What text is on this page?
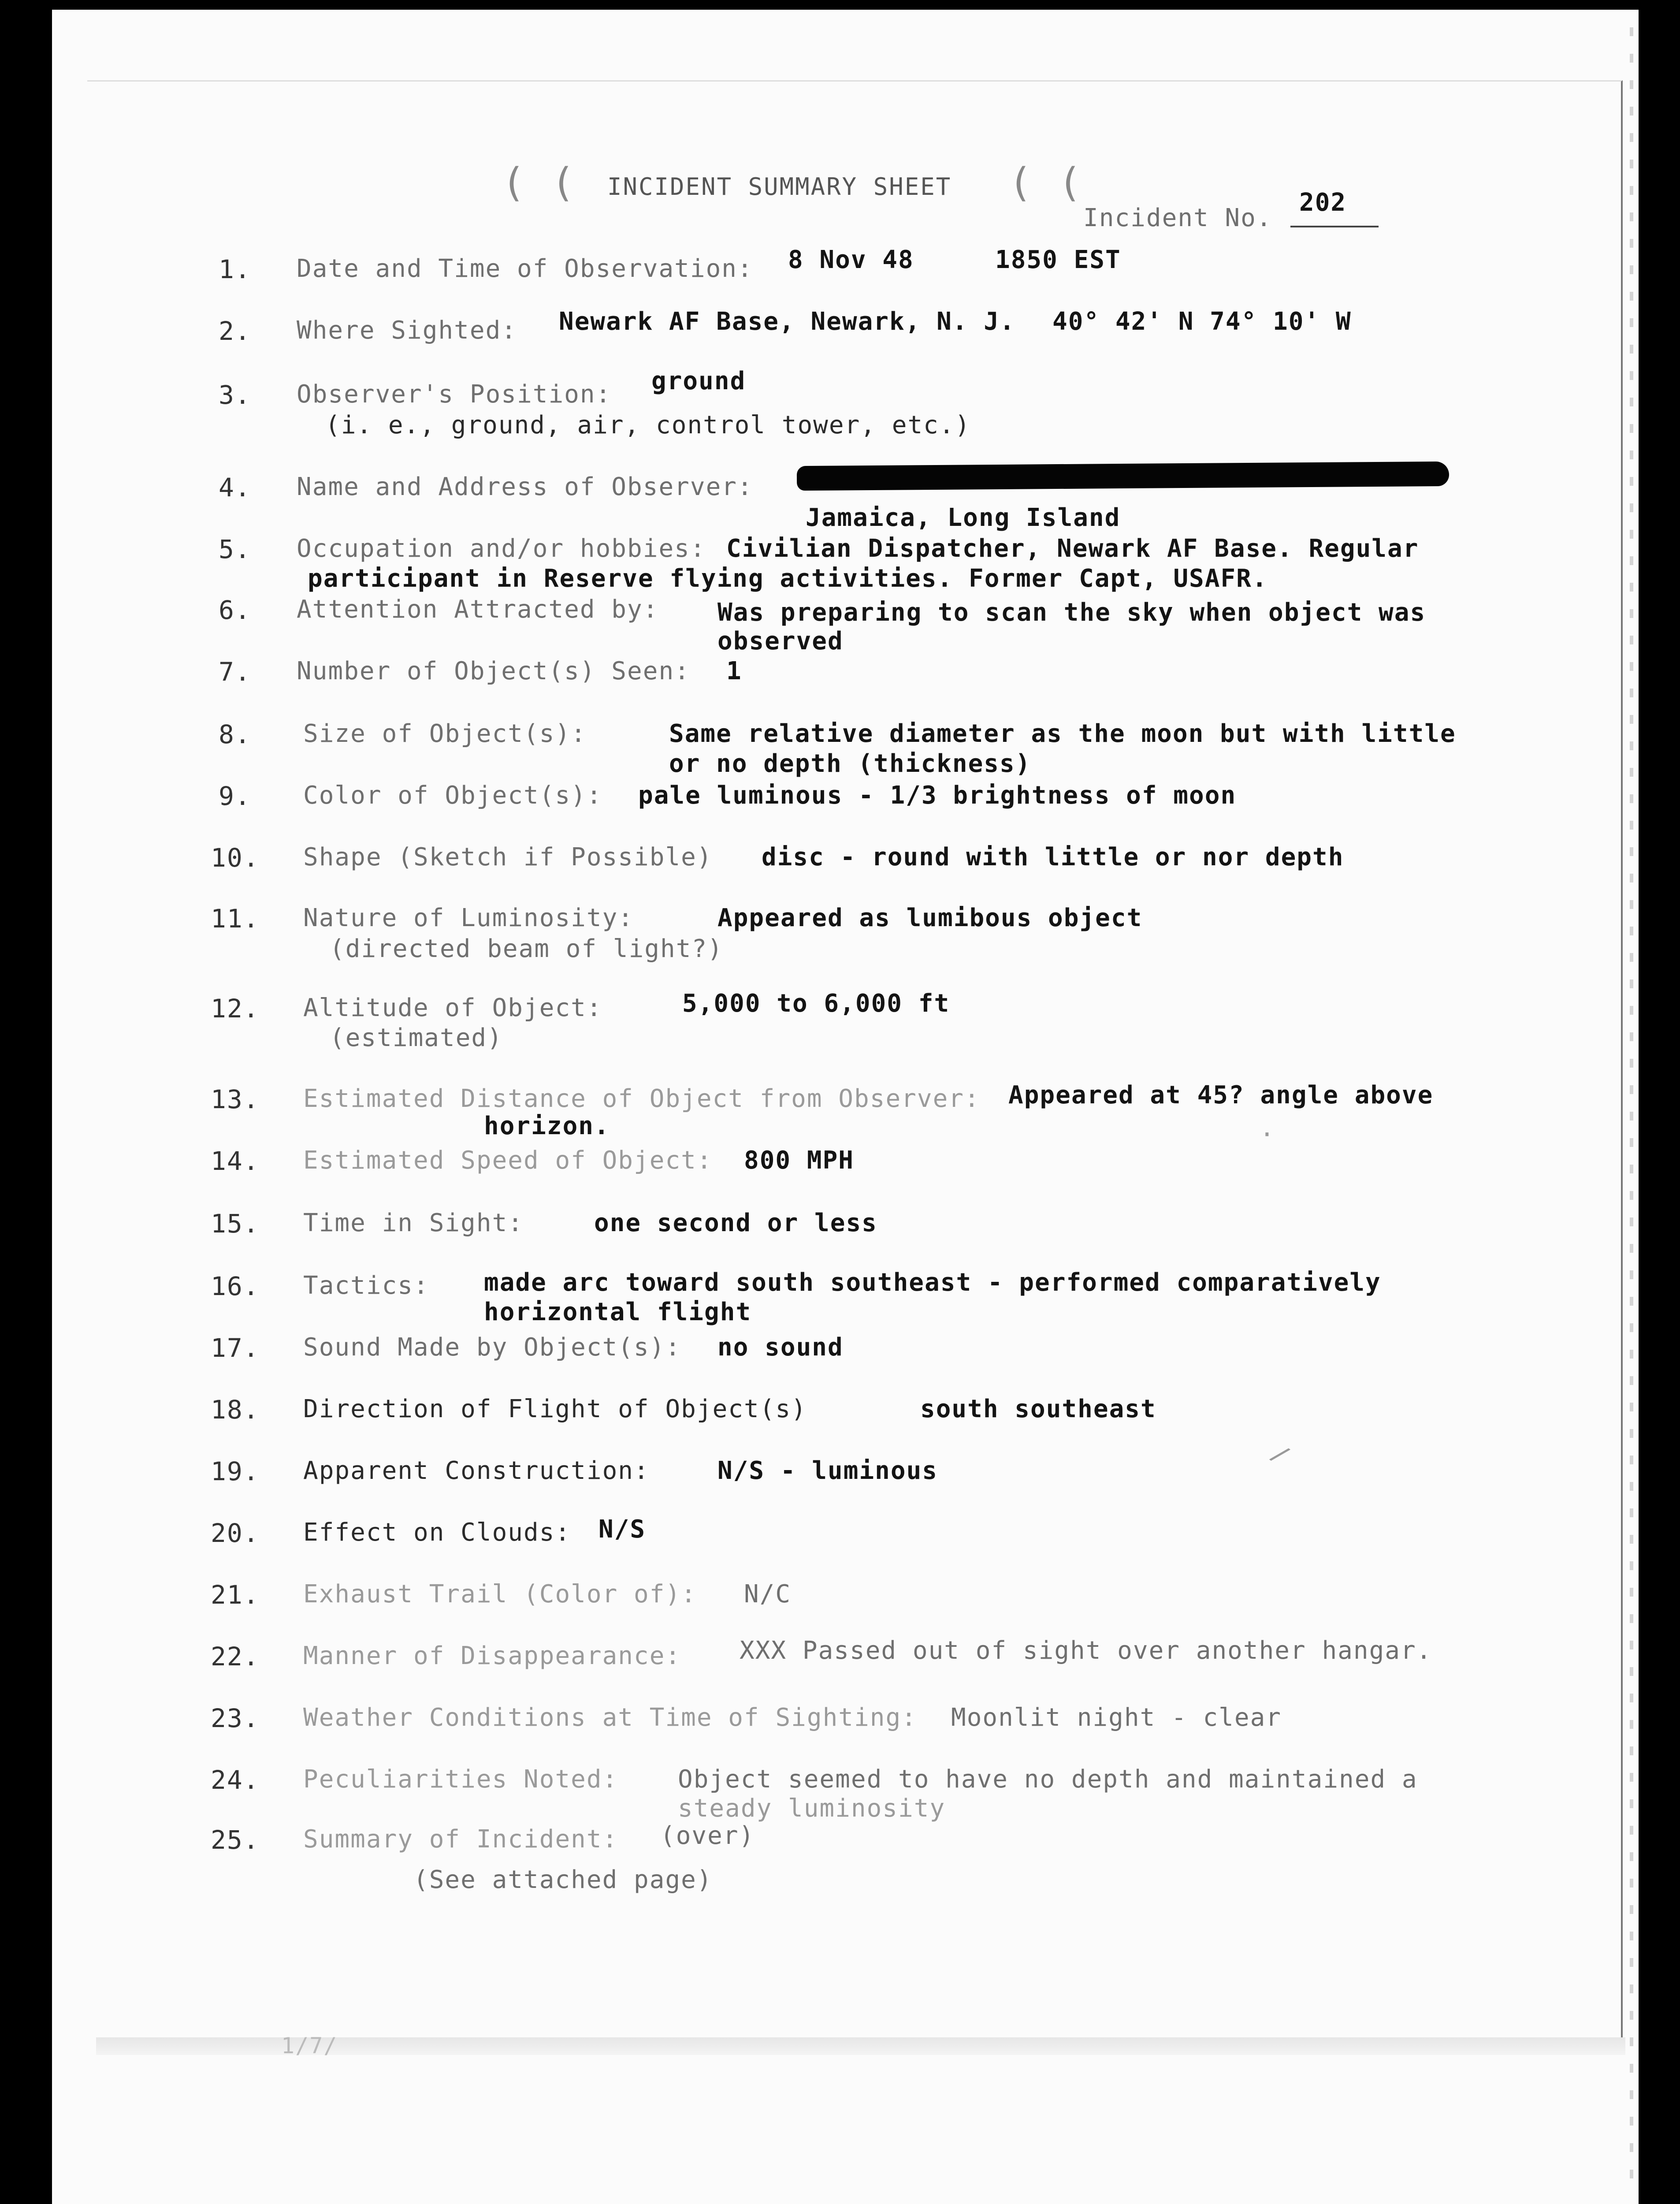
( ( INCIDENT SUMMARY SHEET ( (
Incident No.
202
1. Date and Time of Observation: 8 Nov 48	1850 EST
2. Where Sighted: Newark AF Base, Newark, N. J. 40° 42' N 74° 10' W
3. Observer's Position: ground
(i. e., ground, air, control tower, etc.)
4. Name and Address of Observer:
Jamaica, Long Island
5. Occupation and/or hobbies: Civilian Dispatcher, Newark AF Base. Regular
participant in Reserve flying activities. Former Capt, USAFR.
6. Attention Attracted by: Was preparing to scan the sky when object was
observed
7. Number of Object(s) Seen: 1
8. Size of Object(s):	Same relative diameter as the moon but with little
or no depth (thickness)
9. Color of Object(s): pale luminous - 1/3 brightness of moon
10. Shape (Sketch if Possible) disc - round with little or nor depth
11. Nature of Luminosity:	Appeared as lumibous object
(directed beam of light?)
12. Altitude of Object:	5,000 to 6,000 ft
(estimated)
13. Estimated Distance of Object from Observer: Appeared at 45? angle above
horizon.
14. Estimated Speed of Object: 800 MPH
15. Time in Sight:	one second or less
16. Tactics: made arc toward south southeast - performed comparatively
horizontal flight
17. Sound Made by Object(s): no sound
18. Direction of Flight of Object(s)	south southeast
19. Apparent Construction:	N/S - luminous
20. Effect on Clouds: N/S
21. Exhaust Trail (Color of): N/C
22. Manner of Disappearance: XXX Passed out of sight over another hangar.
23. Weather Conditions at Time of Sighting: Moonlit night - clear
24. Peculiarities Noted: Object seemed to have no depth and maintained a
steady luminosity
25. Summary of Incident: (over)
(See attached page)
·
/
1/7/
